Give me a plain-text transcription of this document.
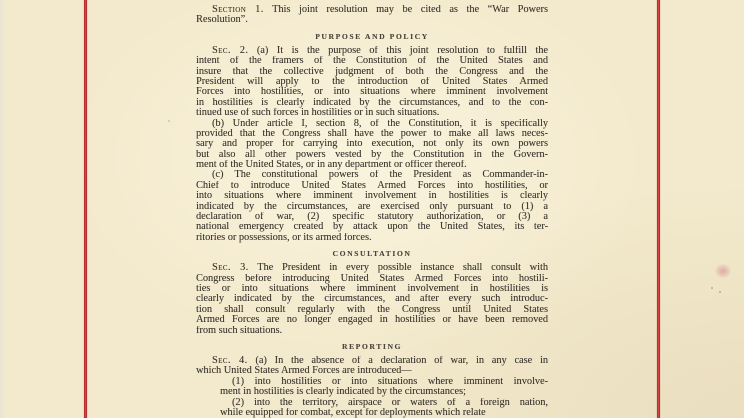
Section 1. This joint resolution may be cited as the “War Powers
Resolution”.
PURPOSE AND POLICY
Sec. 2. (a) It is the purpose of this joint resolution to fulfill the
intent of the framers of the Constitution of the United States and
insure that the collective judgment of both the Congress and the
President will apply to the introduction of United States Armed
Forces into hostilities, or into situations where imminent involvement
in hostilities is clearly indicated by the circumstances, and to the con-
tinued use of such forces in hostilities or in such situations.
(b) Under article I, section 8, of the Constitution, it is specifically
provided that the Congress shall have the power to make all laws neces-
sary and proper for carrying into execution, not only its own powers
but also all other powers vested by the Constitution in the Govern-
ment of the United States, or in any department or officer thereof.
(c) The constitutional powers of the President as Commander-in-
Chief to introduce United States Armed Forces into hostilities, or
into situations where imminent involvement in hostilities is clearly
indicated by the circumstances, are exercised only pursuant to (1) a
declaration of war, (2) specific statutory authorization, or (3) a
national emergency created by attack upon the United States, its ter-
ritories or possessions, or its armed forces.
CONSULTATION
Sec. 3. The President in every possible instance shall consult with
Congress before introducing United States Armed Forces into hostili-
ties or into situations where imminent involvement in hostilities is
clearly indicated by the circumstances, and after every such introduc-
tion shall consult regularly with the Congress until United States
Armed Forces are no longer engaged in hostilities or have been removed
from such situations.
REPORTING
Sec. 4. (a) In the absence of a declaration of war, in any case in
which United States Armed Forces are introduced—
(1) into hostilities or into situations where imminent involve-
ment in hostilities is clearly indicated by the circumstances;
(2) into the territory, airspace or waters of a foreign nation,
while equipped for combat, except for deployments which relate
